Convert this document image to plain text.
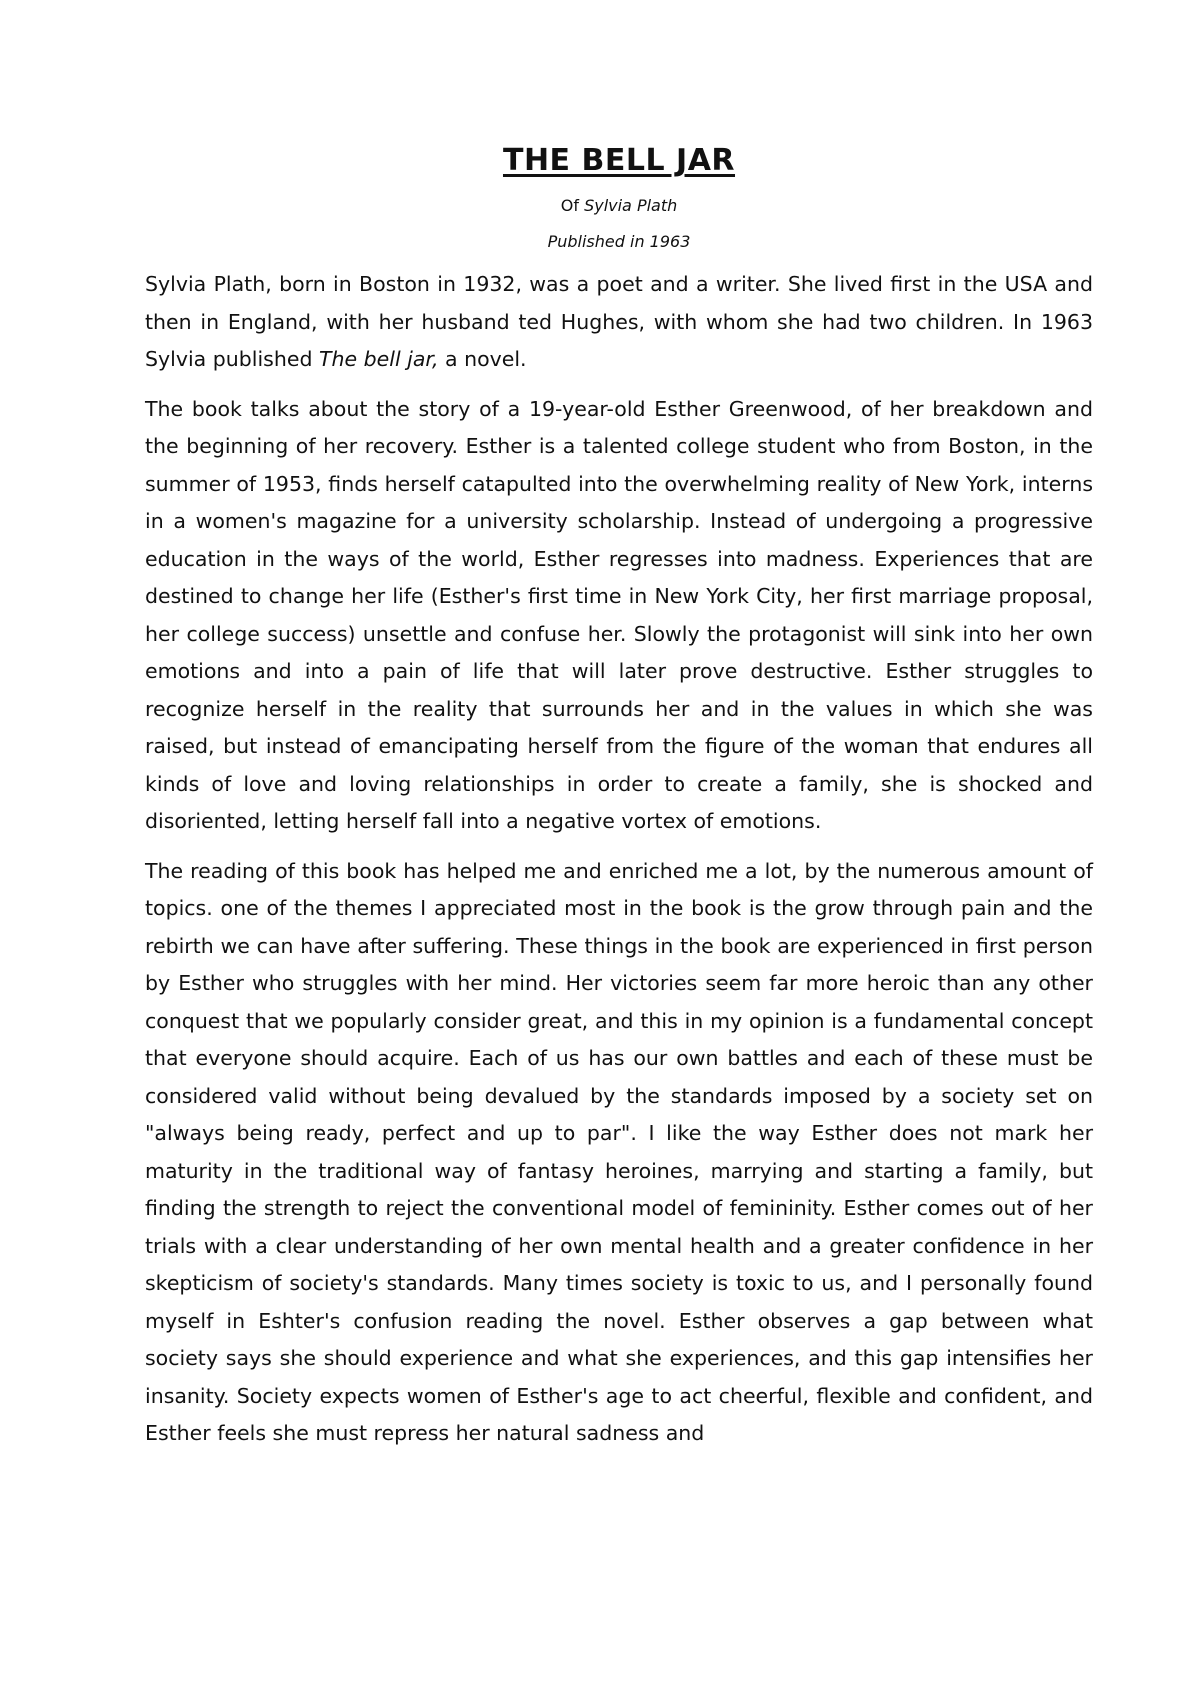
THE BELL JAR

Of Sylvia Plath

Published in 1963

Sylvia Plath, born in Boston in 1932, was a poet and a writer. She lived first in the USA and then in England, with her husband ted Hughes, with whom she had two children. In 1963 Sylvia published The bell jar, a novel.

The book talks about the story of a 19-year-old Esther Greenwood, of her breakdown and the beginning of her recovery. Esther is a talented college student who from Boston, in the summer of 1953, finds herself catapulted into the overwhelming reality of New York, interns in a women's magazine for a university scholarship. Instead of undergoing a progressive education in the ways of the world, Esther regresses into madness. Experiences that are destined to change her life (Esther's first time in New York City, her first marriage proposal, her college success) unsettle and confuse her. Slowly the protagonist will sink into her own emotions and into a pain of life that will later prove destructive. Esther struggles to recognize herself in the reality that surrounds her and in the values in which she was raised, but instead of emancipating herself from the figure of the woman that endures all kinds of love and loving relationships in order to create a family, she is shocked and disoriented, letting herself fall into a negative vortex of emotions.

The reading of this book has helped me and enriched me a lot, by the numerous amount of topics. one of the themes I appreciated most in the book is the grow through pain and the rebirth we can have after suffering. These things in the book are experienced in first person by Esther who struggles with her mind. Her victories seem far more heroic than any other conquest that we popularly consider great, and this in my opinion is a fundamental concept that everyone should acquire. Each of us has our own battles and each of these must be considered valid without being devalued by the standards imposed by a society set on "always being ready, perfect and up to par". I like the way Esther does not mark her maturity in the traditional way of fantasy heroines, marrying and starting a family, but finding the strength to reject the conventional model of femininity. Esther comes out of her trials with a clear understanding of her own mental health and a greater confidence in her skepticism of society's standards. Many times society is toxic to us, and I personally found myself in Eshter's confusion reading the novel. Esther observes a gap between what society says she should experience and what she experiences, and this gap intensifies her insanity. Society expects women of Esther's age to act cheerful, flexible and confident, and Esther feels she must repress her natural sadness and
